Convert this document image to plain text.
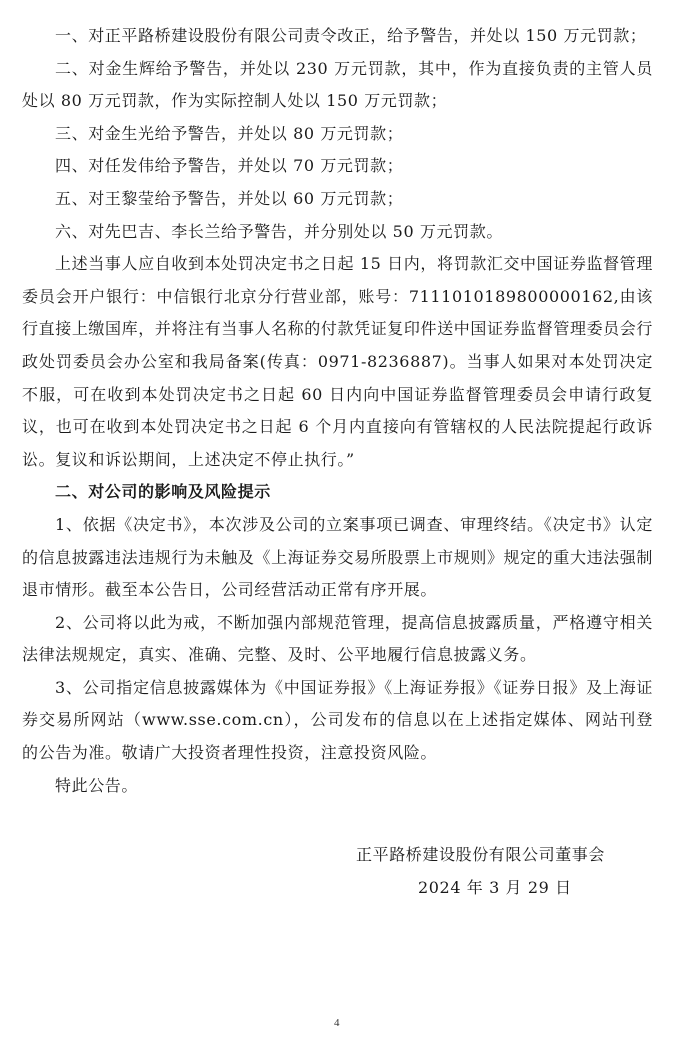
一、对正平路桥建设股份有限公司责令改正，给予警告，并处以 150 万元罚款；

二、对金生辉给予警告，并处以 230 万元罚款，其中，作为直接负责的主管人员处以 80 万元罚款，作为实际控制人处以 150 万元罚款；

三、对金生光给予警告，并处以 80 万元罚款；

四、对任发伟给予警告，并处以 70 万元罚款；

五、对王黎莹给予警告，并处以 60 万元罚款；

六、对先巴吉、李长兰给予警告，并分别处以 50 万元罚款。

上述当事人应自收到本处罚决定书之日起 15 日内，将罚款汇交中国证券监督管理委员会开户银行：中信银行北京分行营业部，账号：7111010189800000162,由该行直接上缴国库，并将注有当事人名称的付款凭证复印件送中国证券监督管理委员会行政处罚委员会办公室和我局备案(传真：0971-8236887)。当事人如果对本处罚决定不服，可在收到本处罚决定书之日起 60 日内向中国证券监督管理委员会申请行政复议，也可在收到本处罚决定书之日起 6 个月内直接向有管辖权的人民法院提起行政诉讼。复议和诉讼期间，上述决定不停止执行。”

二、对公司的影响及风险提示

1、依据《决定书》，本次涉及公司的立案事项已调查、审理终结。《决定书》认定的信息披露违法违规行为未触及《上海证券交易所股票上市规则》规定的重大违法强制退市情形。截至本公告日，公司经营活动正常有序开展。

2、公司将以此为戒，不断加强内部规范管理，提高信息披露质量，严格遵守相关法律法规规定，真实、准确、完整、及时、公平地履行信息披露义务。

3、公司指定信息披露媒体为《中国证券报》《上海证券报》《证券日报》及上海证券交易所网站（www.sse.com.cn），公司发布的信息以在上述指定媒体、网站刊登的公告为准。敬请广大投资者理性投资，注意投资风险。

特此公告。

正平路桥建设股份有限公司董事会
2024 年 3 月 29 日
4
